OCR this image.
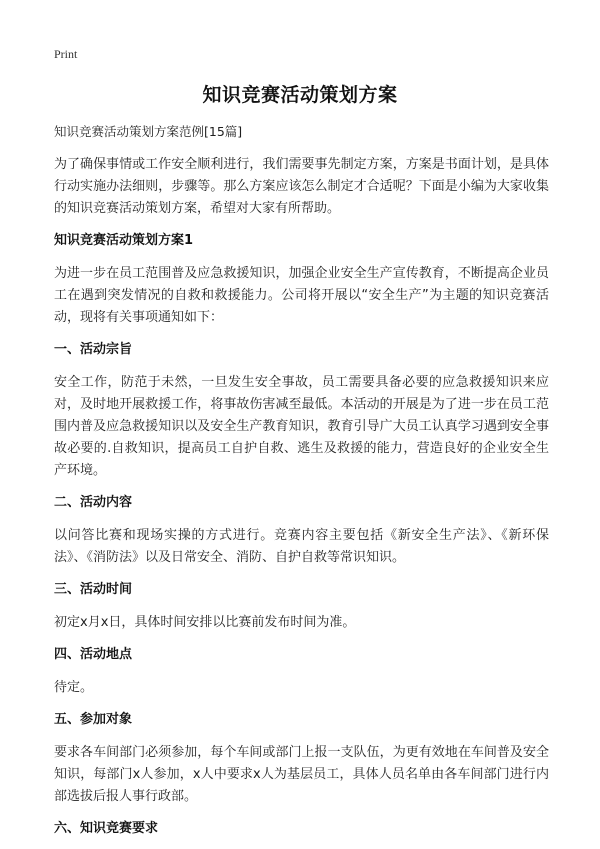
Print
知识竞赛活动策划方案

知识竞赛活动策划方案范例[15篇]

为了确保事情或工作安全顺利进行，我们需要事先制定方案，方案是书面计划，是具体行动实施办法细则，步骤等。那么方案应该怎么制定才合适呢？下面是小编为大家收集的知识竞赛活动策划方案，希望对大家有所帮助。

知识竞赛活动策划方案1

为进一步在员工范围普及应急救援知识，加强企业安全生产宣传教育，不断提高企业员工在遇到突发情况的自救和救援能力。公司将开展以“安全生产”为主题的知识竞赛活动，现将有关事项通知如下：

一、活动宗旨

安全工作，防范于未然，一旦发生安全事故，员工需要具备必要的应急救援知识来应对，及时地开展救援工作，将事故伤害减至最低。本活动的开展是为了进一步在员工范围内普及应急救援知识以及安全生产教育知识，教育引导广大员工认真学习遇到安全事故必要的.自救知识，提高员工自护自救、逃生及救援的能力，营造良好的企业安全生产环境。

二、活动内容

以问答比赛和现场实操的方式进行。竞赛内容主要包括《新安全生产法》、《新环保法》、《消防法》以及日常安全、消防、自护自救等常识知识。

三、活动时间

初定x月x日，具体时间安排以比赛前发布时间为准。

四、活动地点

待定。

五、参加对象

要求各车间部门必须参加，每个车间或部门上报一支队伍，为更有效地在车间普及安全知识，每部门x人参加，x人中要求x人为基层员工，具体人员名单由各车间部门进行内部选拔后报人事行政部。

六、知识竞赛要求
